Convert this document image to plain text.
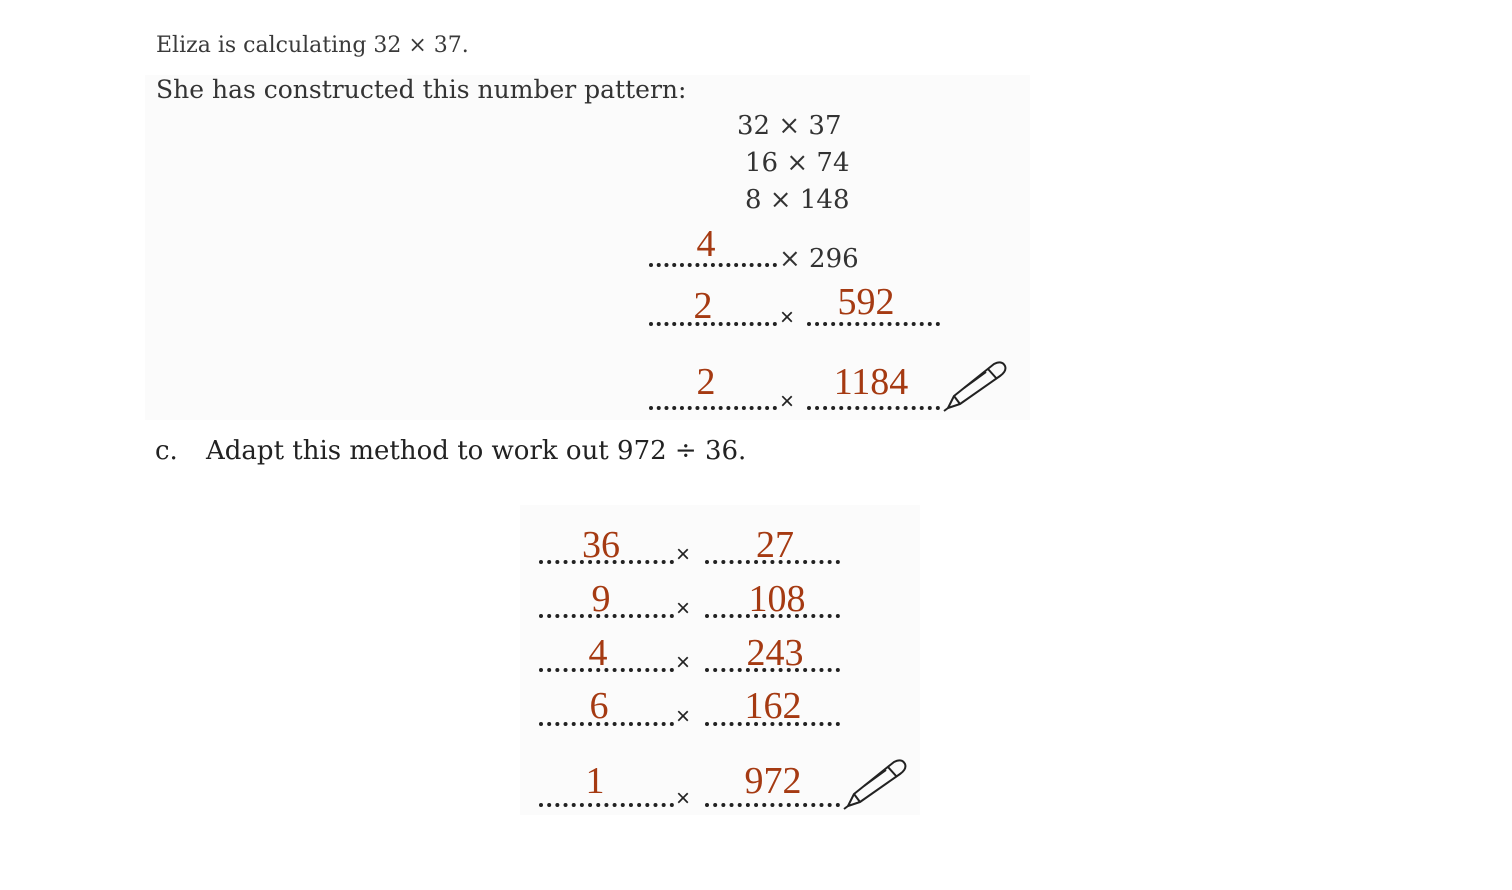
Eliza is calculating 32 × 37.
She has constructed this number pattern:
32 × 37
16 × 74
8 × 148
4	× 296
2	×	592
2	× 1184
c. Adapt this method to work out 972 ÷ 36.
36	×	27
9	×	108
4	×	243
6	×	162
1	×	972
